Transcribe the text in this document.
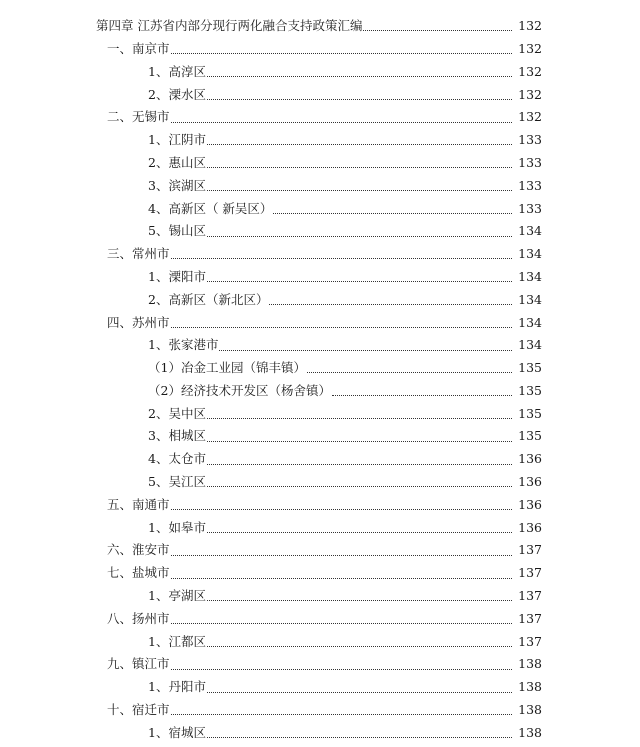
第四章 江苏省内部分现行两化融合支持政策汇编	132
一、南京市	132
1、高淳区	132
2、溧水区	132
二、无锡市	132
1、江阴市	133
2、惠山区	133
3、滨湖区	133
4、高新区（ 新吴区）	133
5、锡山区	134
三、常州市	134
1、溧阳市	134
2、高新区（新北区）	134
四、苏州市	134
1、张家港市	134
（1）冶金工业园（锦丰镇）	135
（2）经济技术开发区（杨舍镇）	135
2、吴中区	135
3、相城区	135
4、太仓市	136
5、吴江区	136
五、南通市	136
1、如皋市	136
六、淮安市	137
七、盐城市	137
1、亭湖区	137
八、扬州市	137
1、江都区	137
九、镇江市	138
1、丹阳市	138
十、宿迁市	138
1、宿城区	138
